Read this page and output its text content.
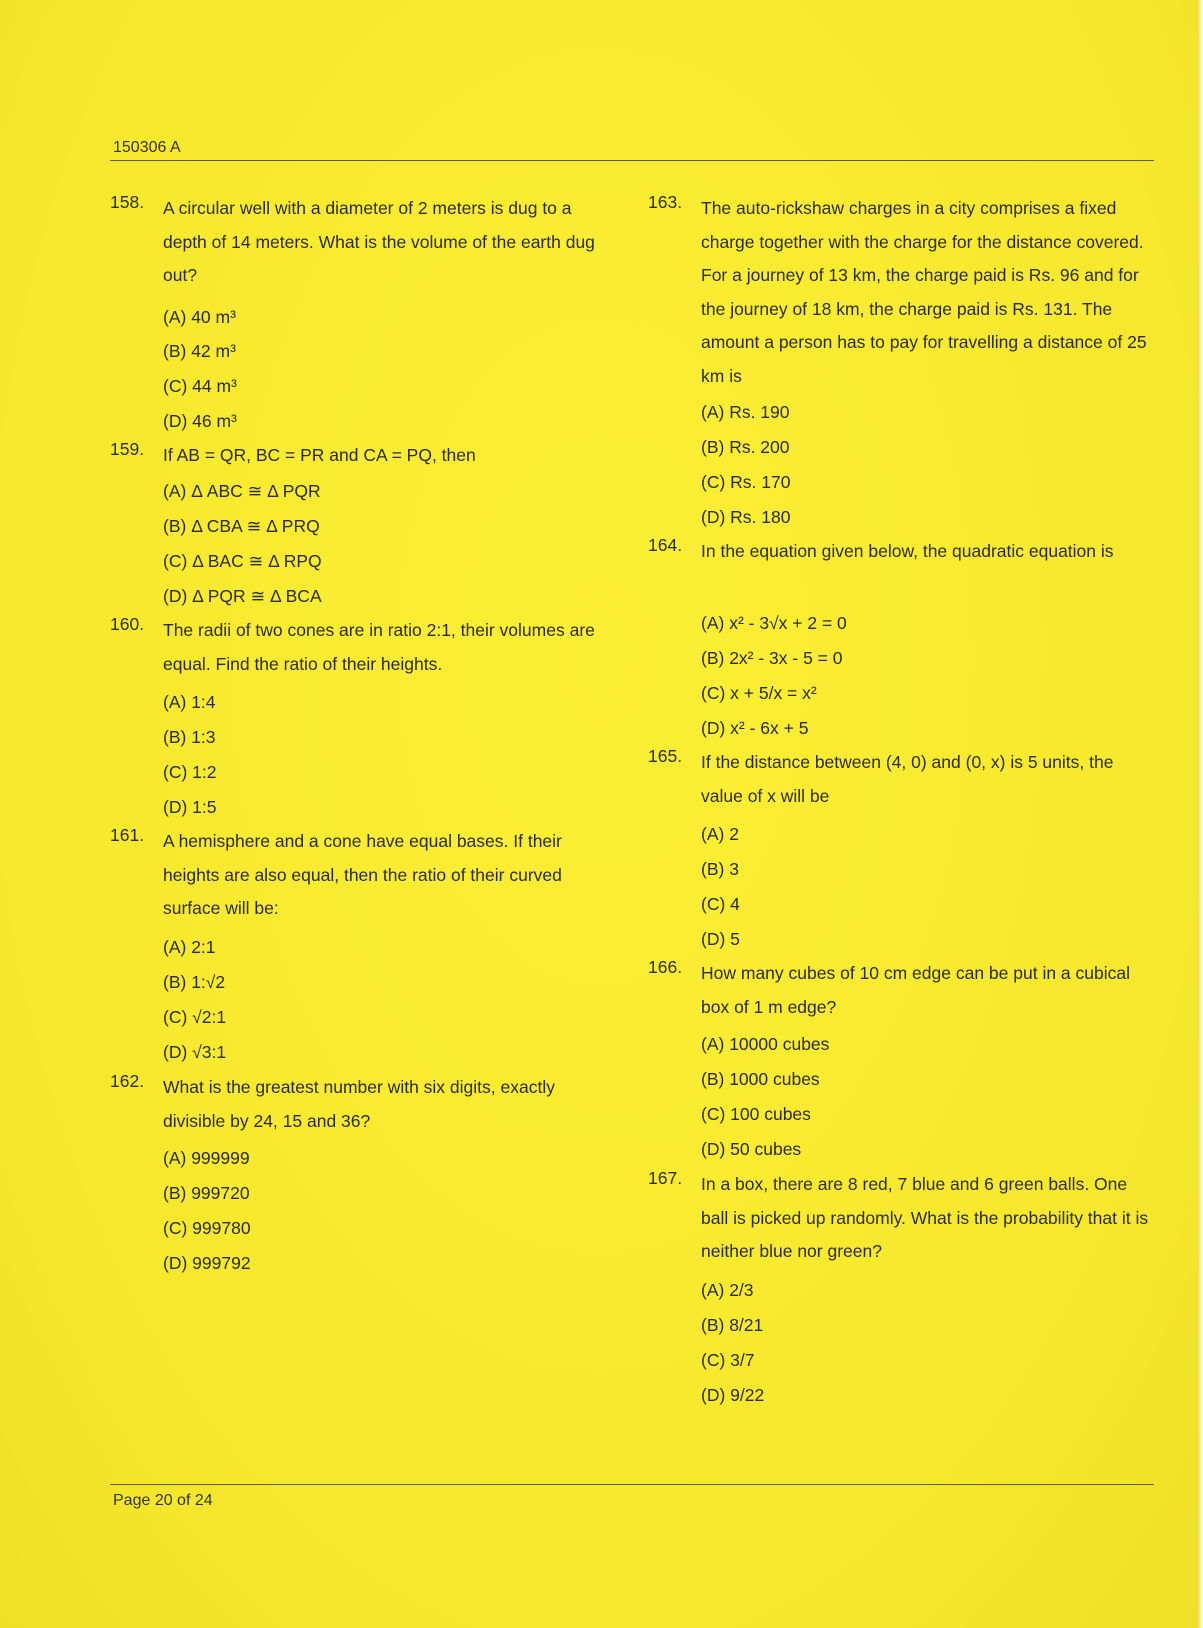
150306 A
158.	A circular well with a diameter of 2 meters is dug to a depth of 14 meters. What is the volume of the earth dug out?
(A) 40 m³
(B) 42 m³
(C) 44 m³
(D) 46 m³
159.	If AB = QR, BC = PR and CA = PQ, then
(A) Δ ABC ≅ Δ PQR
(B) Δ CBA ≅ Δ PRQ
(C) Δ BAC ≅ Δ RPQ
(D) Δ PQR ≅ Δ BCA
160.	The radii of two cones are in ratio 2:1, their volumes are equal. Find the ratio of their heights.
(A) 1:4
(B) 1:3
(C) 1:2
(D) 1:5
161.	A hemisphere and a cone have equal bases. If their heights are also equal, then the ratio of their curved surface will be:
(A) 2:1
(B) 1:√2
(C) √2:1
(D) √3:1
162.	What is the greatest number with six digits, exactly divisible by 24, 15 and 36?
(A) 999999
(B) 999720
(C) 999780
(D) 999792
163.	The auto-rickshaw charges in a city comprises a fixed charge together with the charge for the distance covered. For a journey of 13 km, the charge paid is Rs. 96 and for the journey of 18 km, the charge paid is Rs. 131. The amount a person has to pay for travelling a distance of 25 km is
(A) Rs. 190
(B) Rs. 200
(C) Rs. 170
(D) Rs. 180
164.	In the equation given below, the quadratic equation is
(A) x² - 3√x + 2 = 0
(B) 2x² - 3x - 5 = 0
(C) x + 5/x = x²
(D) x² - 6x + 5
165.	If the distance between (4, 0) and (0, x) is 5 units, the value of x will be
(A) 2
(B) 3
(C) 4
(D) 5
166.	How many cubes of 10 cm edge can be put in a cubical box of 1 m edge?
(A) 10000 cubes
(B) 1000 cubes
(C) 100 cubes
(D) 50 cubes
167.	In a box, there are 8 red, 7 blue and 6 green balls. One ball is picked up randomly. What is the probability that it is neither blue nor green?
(A) 2/3
(B) 8/21
(C) 3/7
(D) 9/22
Page 20 of 24
